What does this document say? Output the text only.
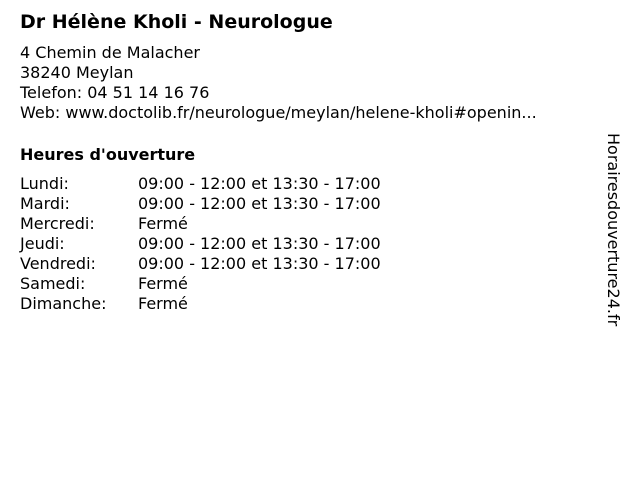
Dr Hélène Kholi - Neurologue
4 Chemin de Malacher
38240 Meylan
Telefon: 04 51 14 16 76
Web: www.doctolib.fr/neurologue/meylan/helene-kholi#openin...
Heures d'ouverture
Lundi:	09:00 - 12:00 et 13:30 - 17:00
Mardi:	09:00 - 12:00 et 13:30 - 17:00
Mercredi:	Fermé
Jeudi:	09:00 - 12:00 et 13:30 - 17:00
Vendredi:	09:00 - 12:00 et 13:30 - 17:00
Samedi:	Fermé
Dimanche: Fermé	Horairesdouverture24.fr
